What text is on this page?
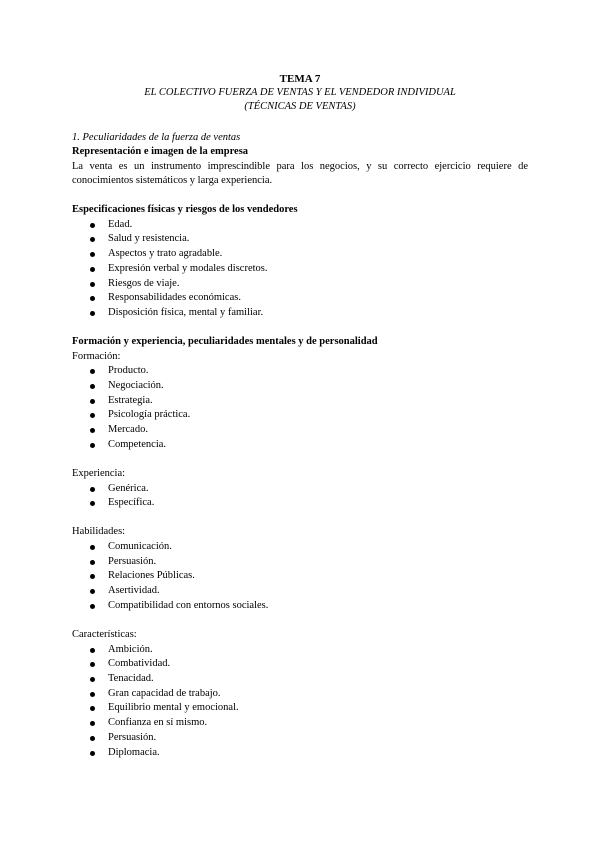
TEMA 7

EL COLECTIVO FUERZA DE VENTAS Y EL VENDEDOR INDIVIDUAL

(TÉCNICAS DE VENTAS)

1. Peculiaridades de la fuerza de ventas
Representación e imagen de la empresa

La venta es un instrumento imprescindible para los negocios, y su correcto ejercicio requiere de conocimientos sistemáticos y larga experiencia.

Especificaciones físicas y riesgos de los vendedores
Edad.
Salud y resistencia.
Aspectos y trato agradable.
Expresión verbal y modales discretos.
Riesgos de viaje.
Responsabilidades económicas.
Disposición física, mental y familiar.
Formación y experiencia, peculiaridades mentales y de personalidad

Formación:

Producto.
Negociación.
Estrategia.
Psicología práctica.
Mercado.
Competencia.

Experiencia:

Genérica.
Específica.

Habilidades:

Comunicación.
Persuasión.
Relaciones Públicas.
Asertividad.
Compatibilidad con entornos sociales.

Características:

Ambición.
Combatividad.
Tenacidad.
Gran capacidad de trabajo.
Equilibrio mental y emocional.
Confianza en sí mismo.
Persuasión.
Diplomacia.
